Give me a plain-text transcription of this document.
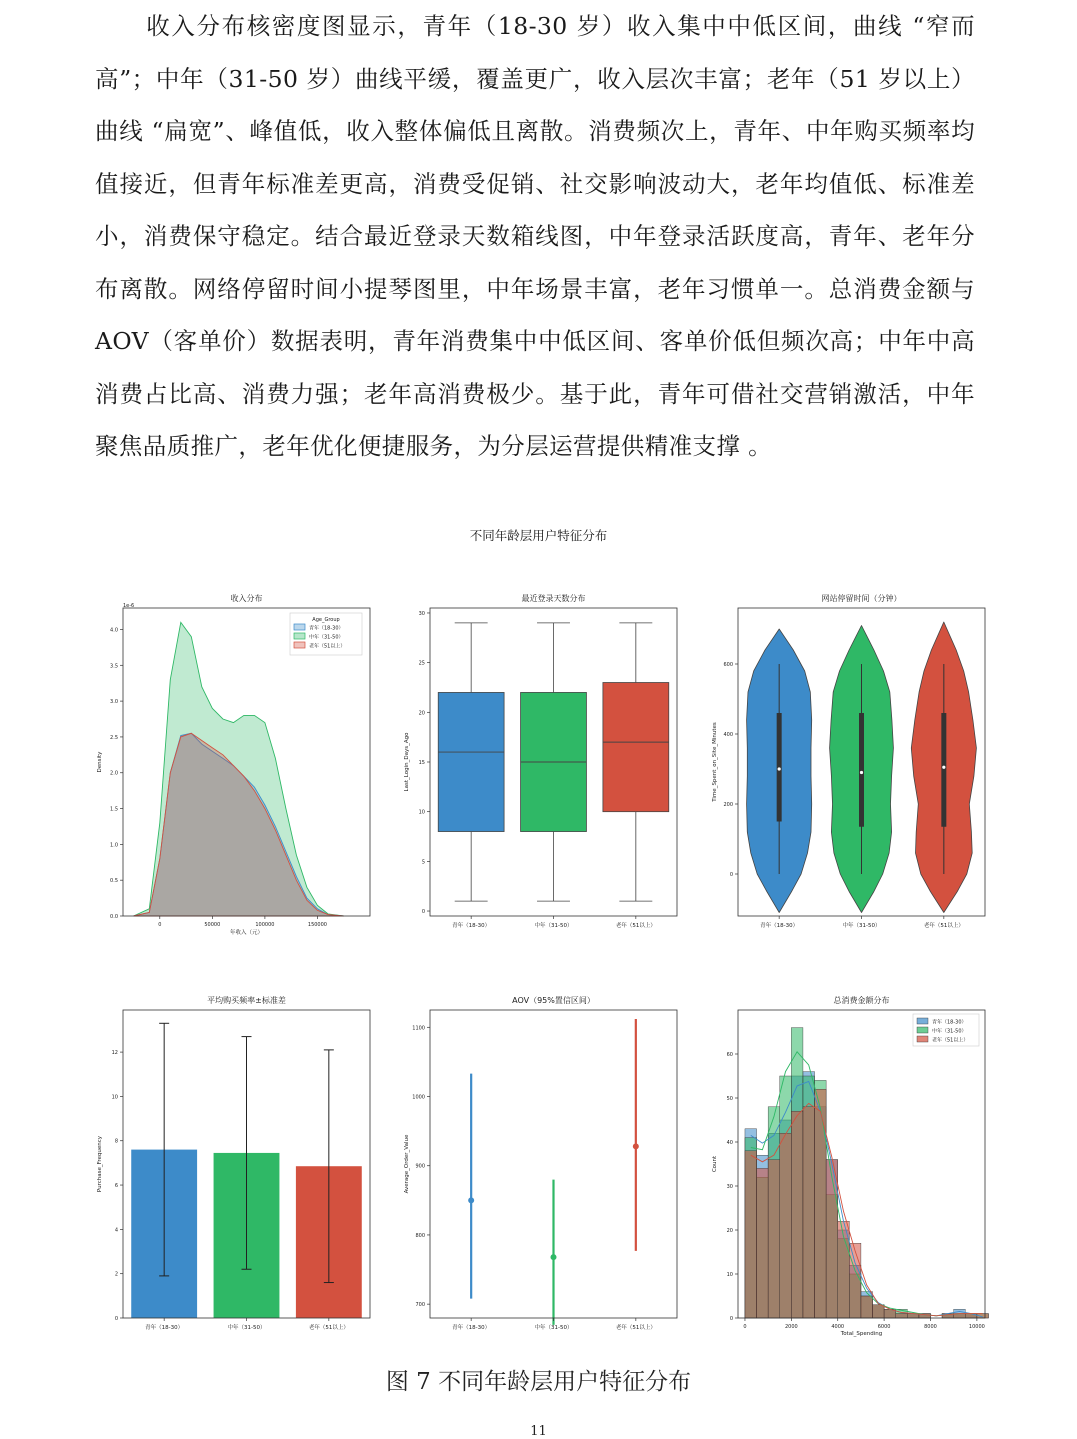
收入分布核密度图显示，青年（18-30 岁）收入集中中低区间，曲线 “窄而高”；中年（31-50 岁）曲线平缓，覆盖更广，收入层次丰富；老年（51 岁以上）曲线 “扁宽”、峰值低，收入整体偏低且离散。消费频次上，青年、中年购买频率均值接近，但青年标准差更高，消费受促销、社交影响波动大，老年均值低、标准差小，消费保守稳定。结合最近登录天数箱线图，中年登录活跃度高，青年、老年分布离散。网络停留时间小提琴图里，中年场景丰富，老年习惯单一。总消费金额与 AOV（客单价）数据表明，青年消费集中中低区间、客单价低但频次高；中年中高消费占比高、消费力强；老年高消费极少。基于此，青年可借社交营销激活，中年聚焦品质推广，老年优化便捷服务，为分层运营提供精准支撑 。
不同年龄层用户特征分布
收入分布
0.0
0.5
1.0
1.5
2.0
2.5
3.0
3.5
4.0
Density
1e-6
0	50000	100000	150000
年收入（元）
Age_Group
青年（18-30）
中年（31-50）
老年（51以上）
最近登录天数分布
0
5
10
15
20
25
30
Last_Login_Days_Ago
青年（18-30）	中年（31-50）	老年（51以上）
网站停留时间（分钟）
0
200
400
600
Time_Spent_on_Site_Minutes
青年（18-30）	中年（31-50）	老年（51以上）
平均购买频率±标准差
0
2
4
6
8
10
12
Purchase_Frequency
青年（18-30）	中年（31-50）	老年（51以上）
AOV（95%置信区间）
700
800
900
1000
1100
Average_Order_Value
青年（18-30）	中年（31-50）	老年（51以上）
总消费金额分布
0
10
20
30
40
50
60
Count
0	2000	4000	6000	8000	10000
Total_Spending
青年（18-30）
中年（31-50）
老年（51以上）
图 7 不同年龄层用户特征分布
11
